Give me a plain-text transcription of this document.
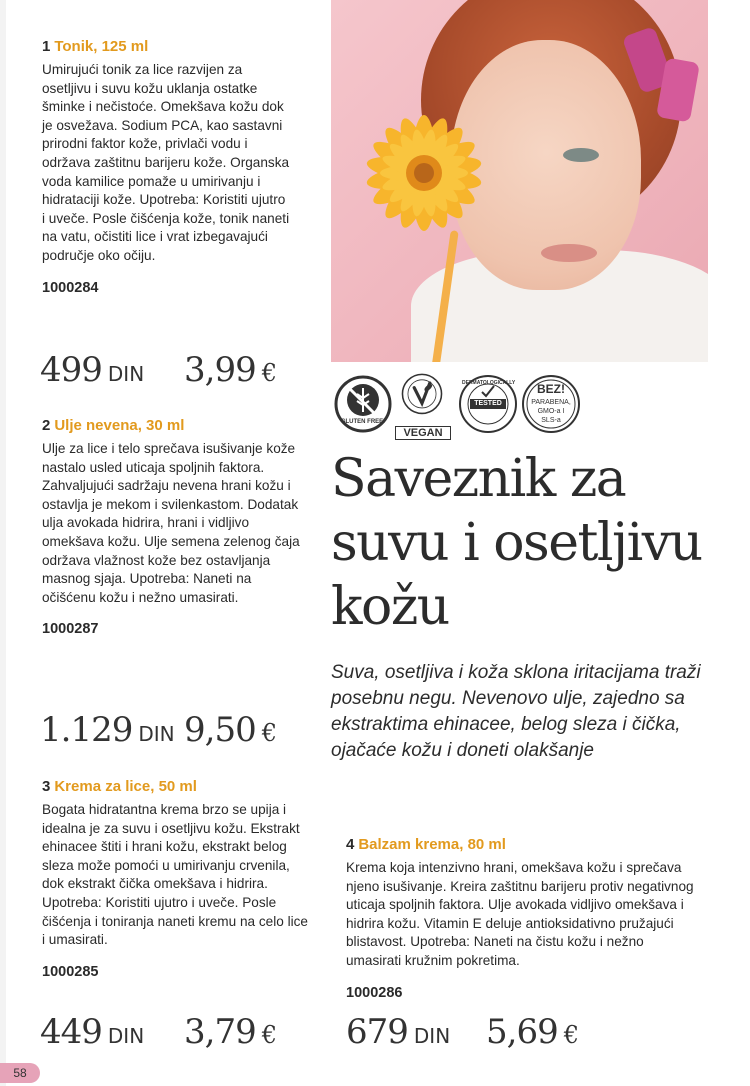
1 Tonik, 125 ml

Umirujući tonik za lice razvijen za osetljivu i suvu kožu uklanja ostatke šminke i nečistoće. Omekšava kožu dok je osvežava. Sodium PCA, kao sastavni prirodni faktor kože, privlači vodu i održava zaštitnu barijeru kože. Organska voda kamilice pomaže u umirivanju i hidrataciji kože. Upotreba: Koristiti ujutro i uveče. Posle čišćenja kože, tonik naneti na vatu, očistiti lice i vrat izbegavajući područje oko očiju.

1000284
499 DIN 3,99 €
2 Ulje nevena, 30 ml

Ulje za lice i telo sprečava isušivanje kože nastalo usled uticaja spoljnih faktora. Zahvaljujući sadržaju nevena hrani kožu i ostavlja je mekom i svilenkastom. Dodatak ulja avokada hidrira, hrani i vidljivo omekšava kožu. Ulje semena zelenog čaja održava vlažnost kože bez ostavljanja masnog sjaja. Upotreba: Naneti na očišćenu kožu i nežno umasirati.

1000287
1.129 DIN 9,50 €
3 Krema za lice, 50 ml

Bogata hidratantna krema brzo se upija i idealna je za suvu i osetljivu kožu. Ekstrakt ehinacee štiti i hrani kožu, ekstrakt belog sleza može pomoći u umirivanju crvenila, dok ekstrakt čička omekšava i hidrira. Upotreba: Koristiti ujutro i uveče. Posle čišćenja i toniranja naneti kremu na celo lice i umasirati.

1000285
449 DIN 3,79 €
4 Balzam krema, 80 ml

Krema koja intenzivno hrani, omekšava kožu i sprečava njeno isušivanje. Kreira zaštitnu barijeru protiv negativnog uticaja spoljnih faktora. Ulje avokada vidljivo omekšava i hidrira kožu. Vitamin E deluje antioksidativno pružajući blistavost. Upotreba: Naneti na čistu kožu i nežno umasirati kružnim pokretima.

1000286
679 DIN 5,69 €
GLUTEN FREE!
VEGAN
DERMATOLOGICALLY
TESTED
BEZ!
PARABENA, GMO-a I SLS-a
Saveznik za suvu i osetljivu kožu

Suva, osetljiva i koža sklona iritacijama traži posebnu negu. Nevenovo ulje, zajedno sa ekstraktima ehinacee, belog sleza i čička, ojačaće kožu i doneti olakšanje

58
